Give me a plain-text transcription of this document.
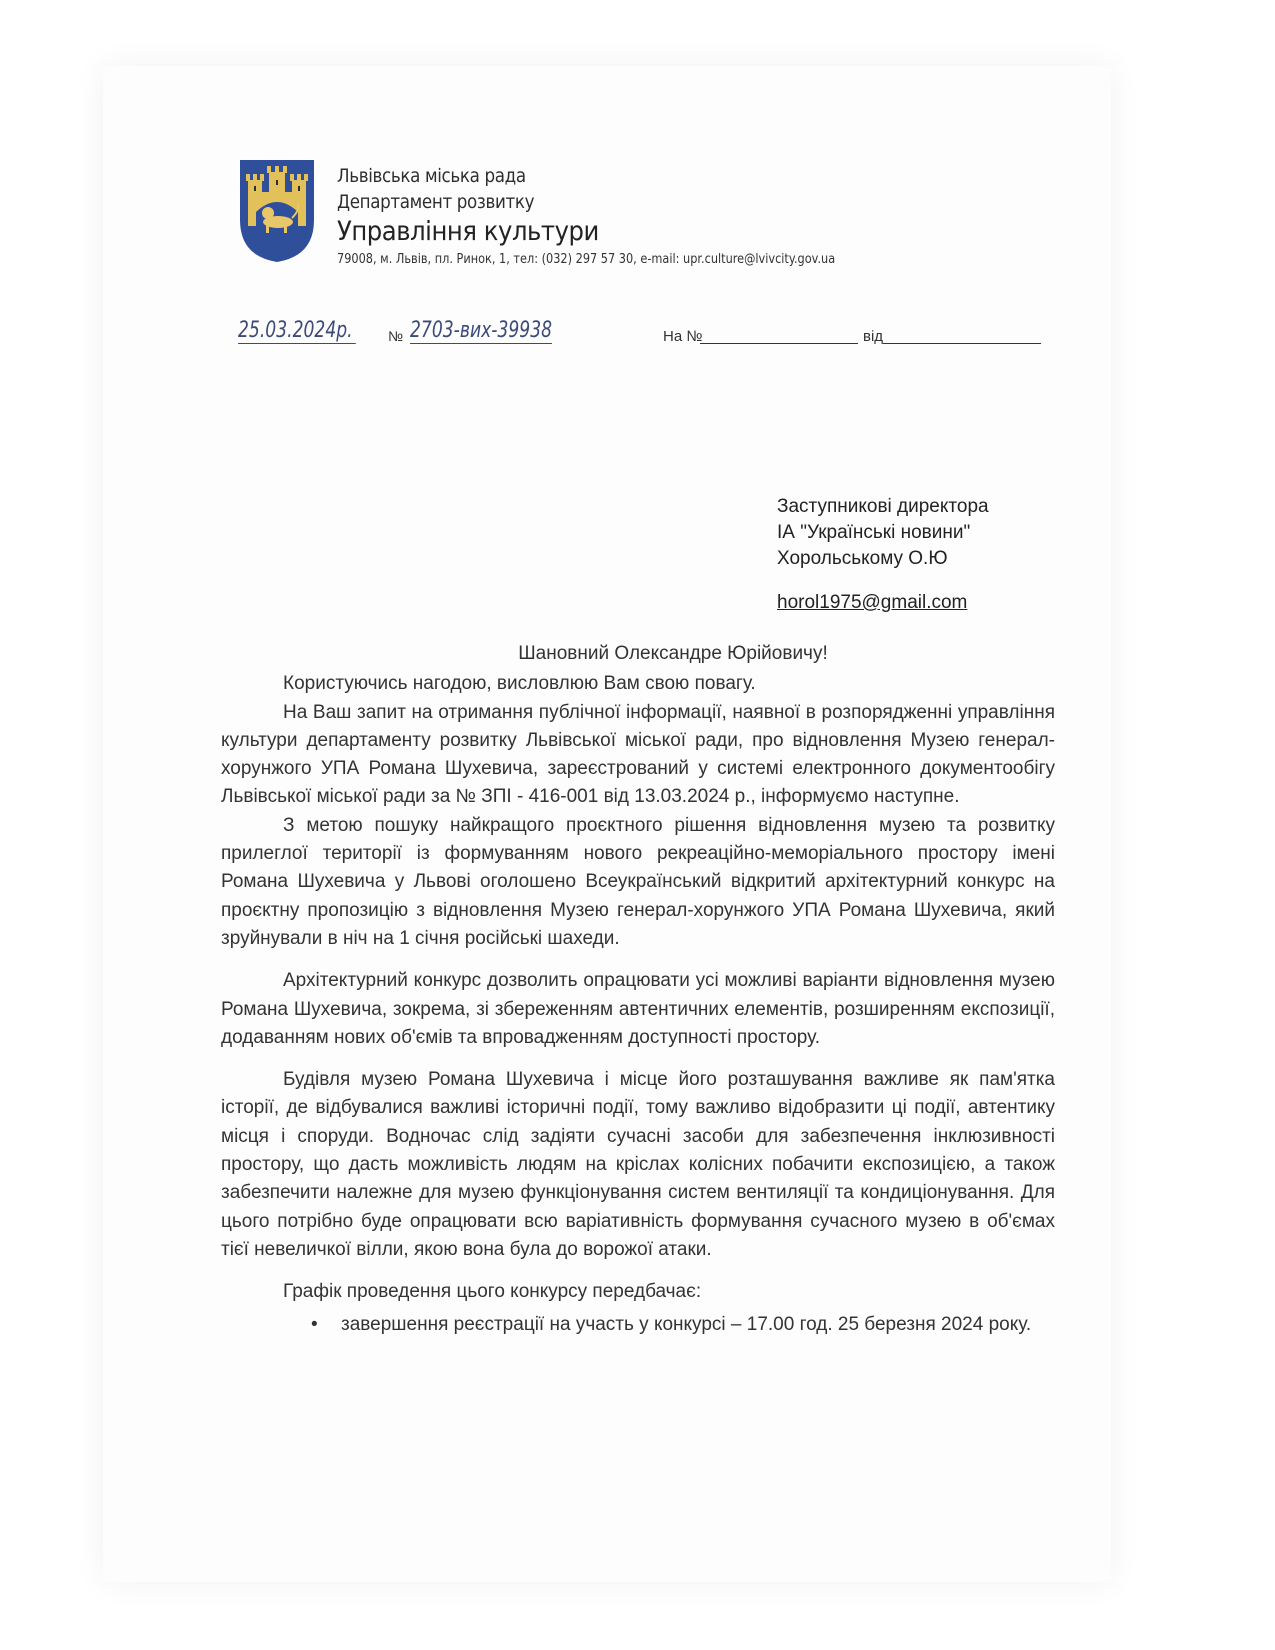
Львівська міська рада
Департамент розвитку
Управління культури
79008, м. Львів, пл. Ринок, 1, тел: (032) 297 57 30, e-mail: upr.culture@lvivcity.gov.ua
25.03.2024р.	№ 2703-вих-39938	На №	від
Заступникові директора
ІА "Українські новини"
Хорольському О.Ю
horol1975@gmail.com

Шановний Олександре Юрійовичу!

Користуючись нагодою, висловлюю Вам свою повагу.

На Ваш запит на отримання публічної інформації, наявної в розпорядженні управління культури департаменту розвитку Львівської міської ради, про відновлення Музею генерал-хорунжого УПА Романа Шухевича, зареєстрований у системі електронного документообігу Львівської міської ради за № ЗПІ - 416-001 від 13.03.2024 р., інформуємо наступне.

З метою пошуку найкращого проєктного рішення відновлення музею та розвитку прилеглої території із формуванням нового рекреаційно-меморіального простору імені Романа Шухевича у Львові оголошено Всеукраїнський відкритий архітектурний конкурс на проєктну пропозицію з відновлення Музею генерал-хорунжого УПА Романа Шухевича, який зруйнували в ніч на 1 січня російські шахеди.

Архітектурний конкурс дозволить опрацювати усі можливі варіанти відновлення музею Романа Шухевича, зокрема, зі збереженням автентичних елементів, розширенням експозиції, додаванням нових об'ємів та впровадженням доступності простору.

Будівля музею Романа Шухевича і місце його розташування важливе як пам'ятка історії, де відбувалися важливі історичні події, тому важливо відобразити ці події, автентику місця і споруди. Водночас слід задіяти сучасні засоби для забезпечення інклюзивності простору, що дасть можливість людям на кріслах колісних побачити експозицією, а також забезпечити належне для музею функціонування систем вентиляції та кондиціонування. Для цього потрібно буде опрацювати всю варіативність формування сучасного музею в об'ємах тієї невеличкої вілли, якою вона була до ворожої атаки.

Графік проведення цього конкурсу передбачає:

• завершення реєстрації на участь у конкурсі – 17.00 год. 25 березня 2024 року.
